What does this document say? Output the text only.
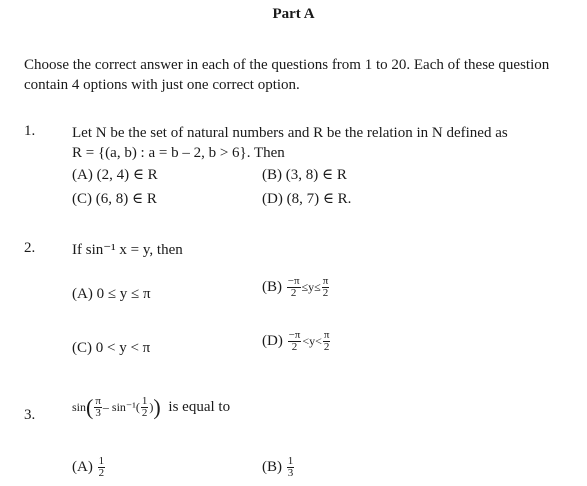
Part A
Choose the correct answer in each of the questions from 1 to 20. Each of these question
contain 4 options with just one correct option.
1. Let N be the set of natural numbers and R be the relation in N defined as
R = {(a, b) : a = b – 2, b > 6}. Then
(A) (2, 4) ∈ R	(B) (3, 8) ∈ R
(C) (6, 8) ∈ R	(D) (8, 7) ∈ R.
2. If sin⁻¹ x = y, then
(A) 0 ≤ y ≤ π	$(B) \frac{-\pi}{2} \le y\le \frac{\pi}{2}$
(C) 0 < y < π	$(D) \frac{-\pi}{2} <y< \frac{\pi}{2}$
3.
$\sin( \frac{\pi}{3} - \sin^{-1}( \frac{1}{2}$ )) is equal to
$(A) \frac{1}{2}$	$(B) \frac{1}{3}$
